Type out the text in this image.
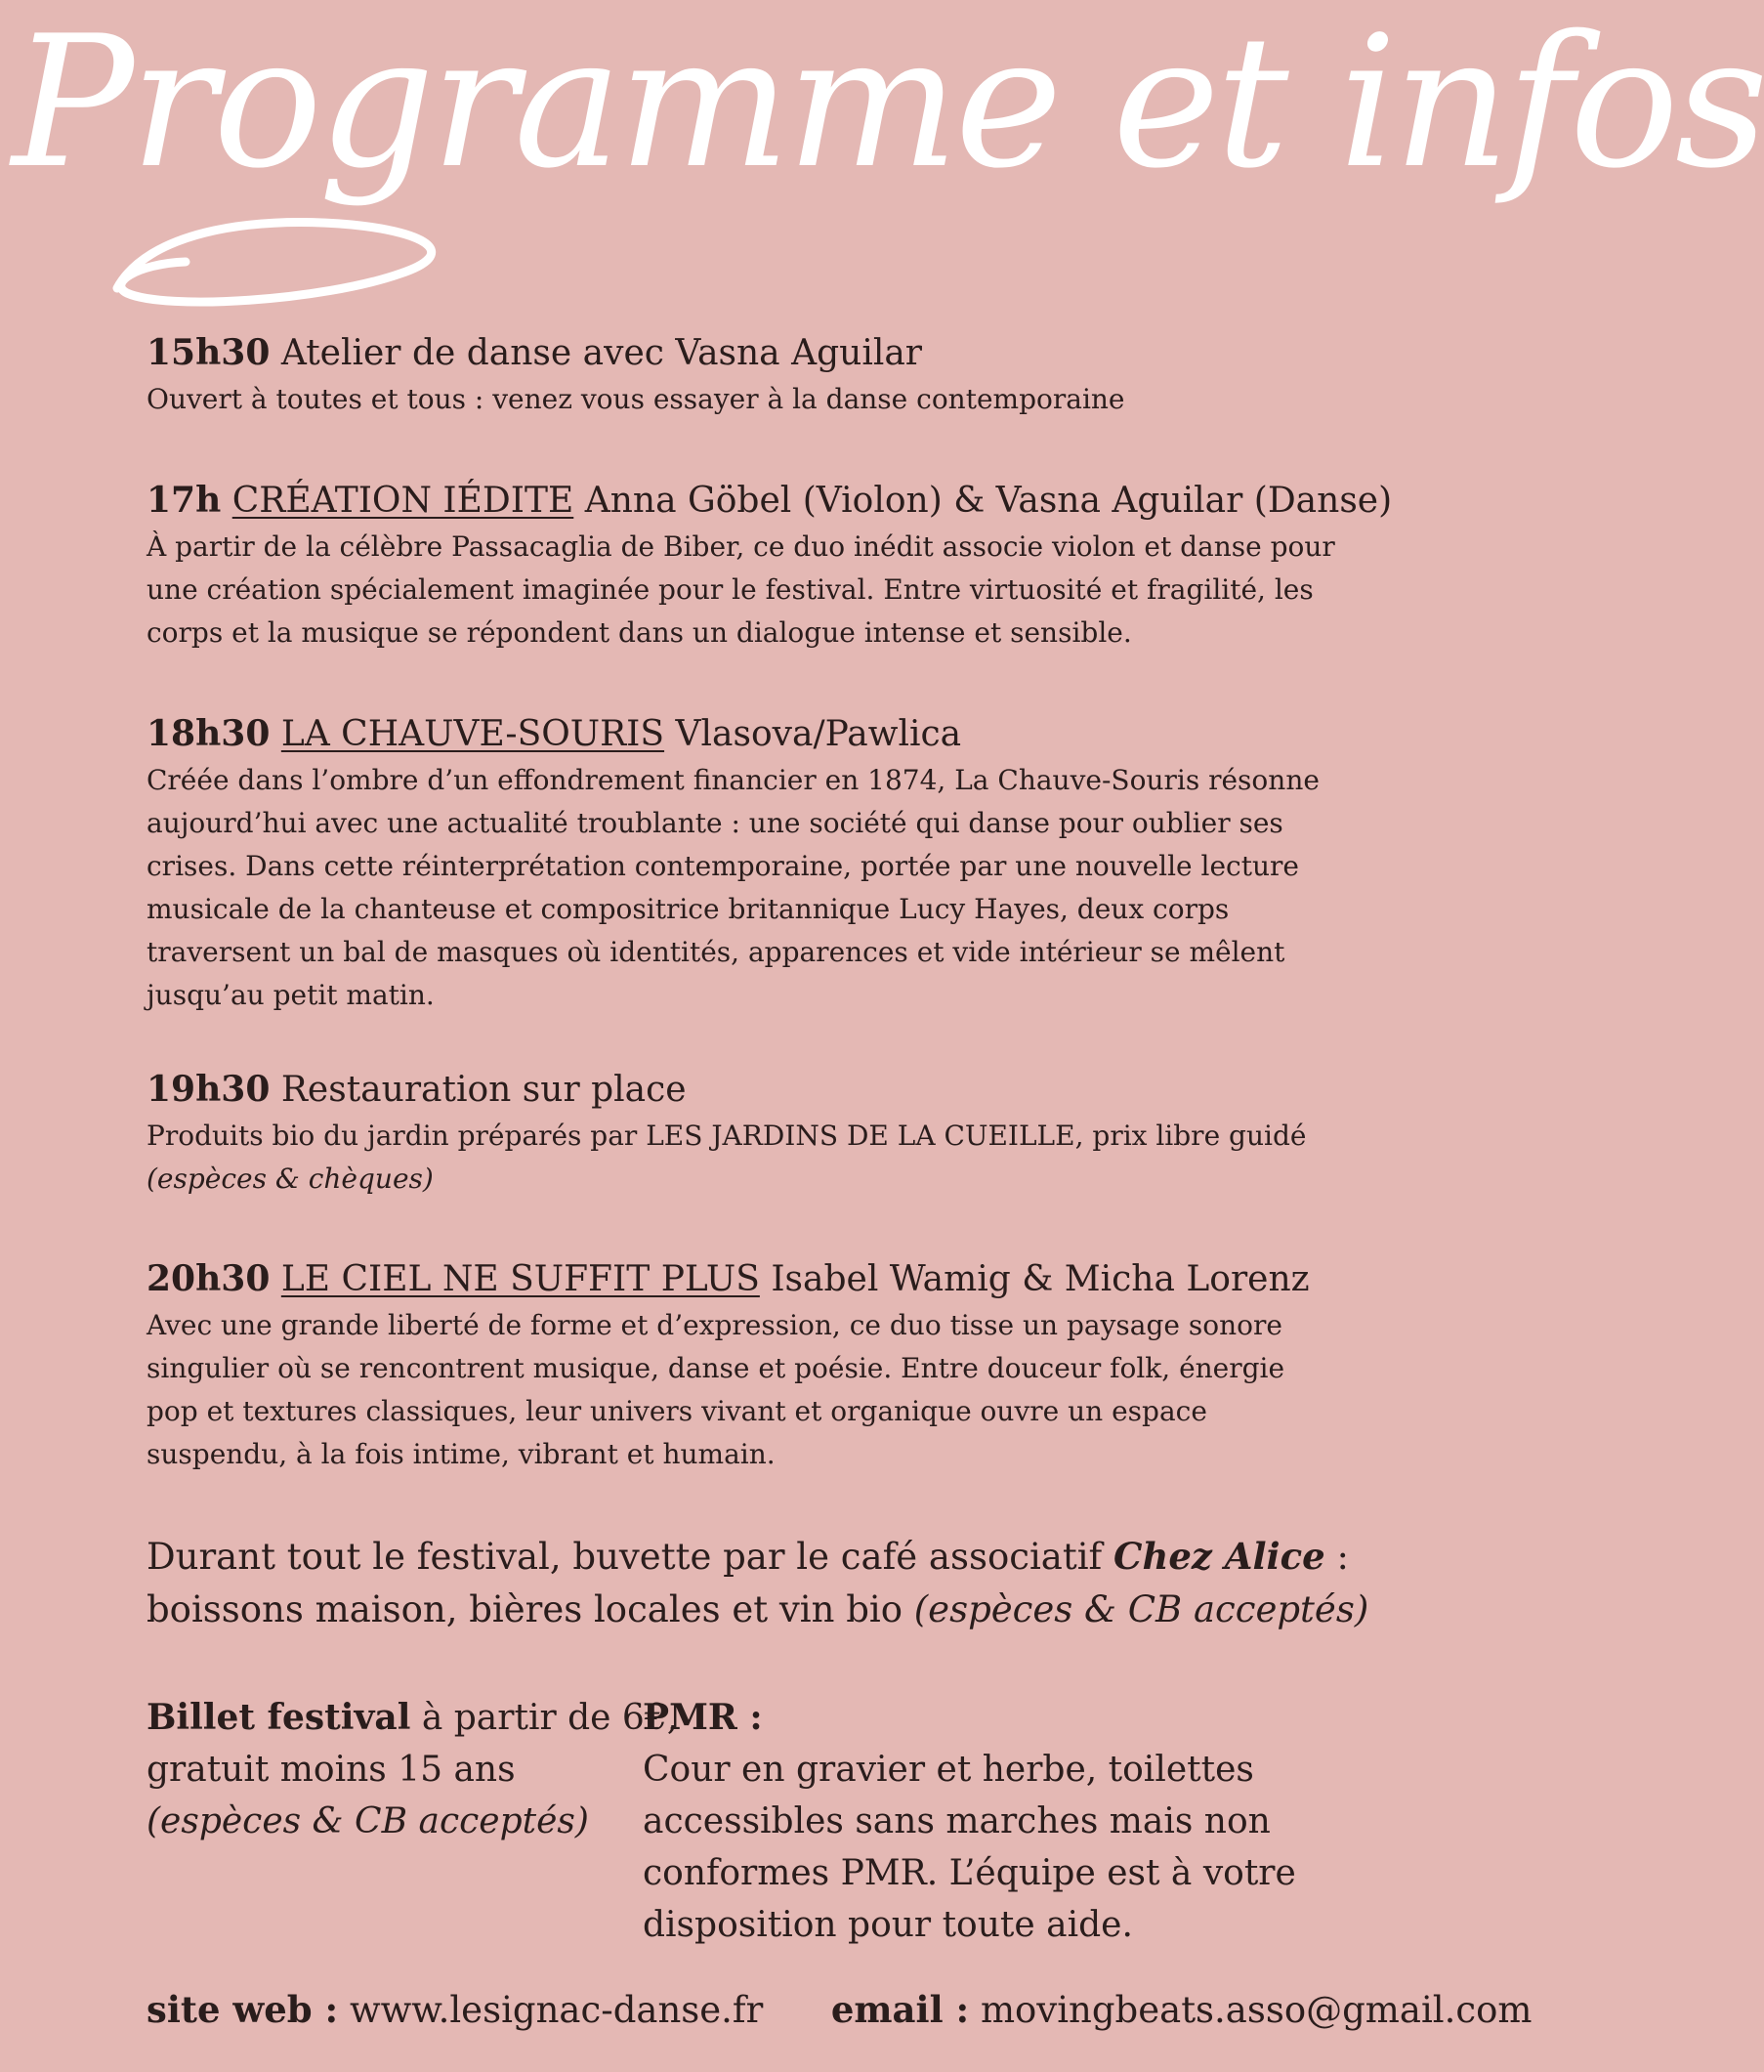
Programme et infos
15h30 Atelier de danse avec Vasna Aguilar

Ouvert à toutes et tous : venez vous essayer à la danse contemporaine

17h CRÉATION IÉDITE Anna Göbel (Violon) & Vasna Aguilar (Danse)

À partir de la célèbre Passacaglia de Biber, ce duo inédit associe violon et danse pour

une création spécialement imaginée pour le festival. Entre virtuosité et fragilité, les

corps et la musique se répondent dans un dialogue intense et sensible.

18h30 LA CHAUVE-SOURIS Vlasova/Pawlica

Créée dans l’ombre d’un effondrement financier en 1874, La Chauve-Souris résonne

aujourd’hui avec une actualité troublante : une société qui danse pour oublier ses

crises. Dans cette réinterprétation contemporaine, portée par une nouvelle lecture

musicale de la chanteuse et compositrice britannique Lucy Hayes, deux corps

traversent un bal de masques où identités, apparences et vide intérieur se mêlent

jusqu’au petit matin.

19h30 Restauration sur place

Produits bio du jardin préparés par LES JARDINS DE LA CUEILLE, prix libre guidé

(espèces & chèques)

20h30 LE CIEL NE SUFFIT PLUS Isabel Wamig & Micha Lorenz

Avec une grande liberté de forme et d’expression, ce duo tisse un paysage sonore

singulier où se rencontrent musique, danse et poésie. Entre douceur folk, énergie

pop et textures classiques, leur univers vivant et organique ouvre un espace

suspendu, à la fois intime, vibrant et humain.

Durant tout le festival, buvette par le café associatif Chez Alice :

boissons maison, bières locales et vin bio (espèces & CB acceptés)

Billet festival à partir de 6€,

gratuit moins 15 ans

(espèces & CB acceptés)

PMR :

Cour en gravier et herbe, toilettes

accessibles sans marches mais non

conformes PMR. L’équipe est à votre

disposition pour toute aide.

site web : www.lesignac-danse.fr email : movingbeats.asso@gmail.com
